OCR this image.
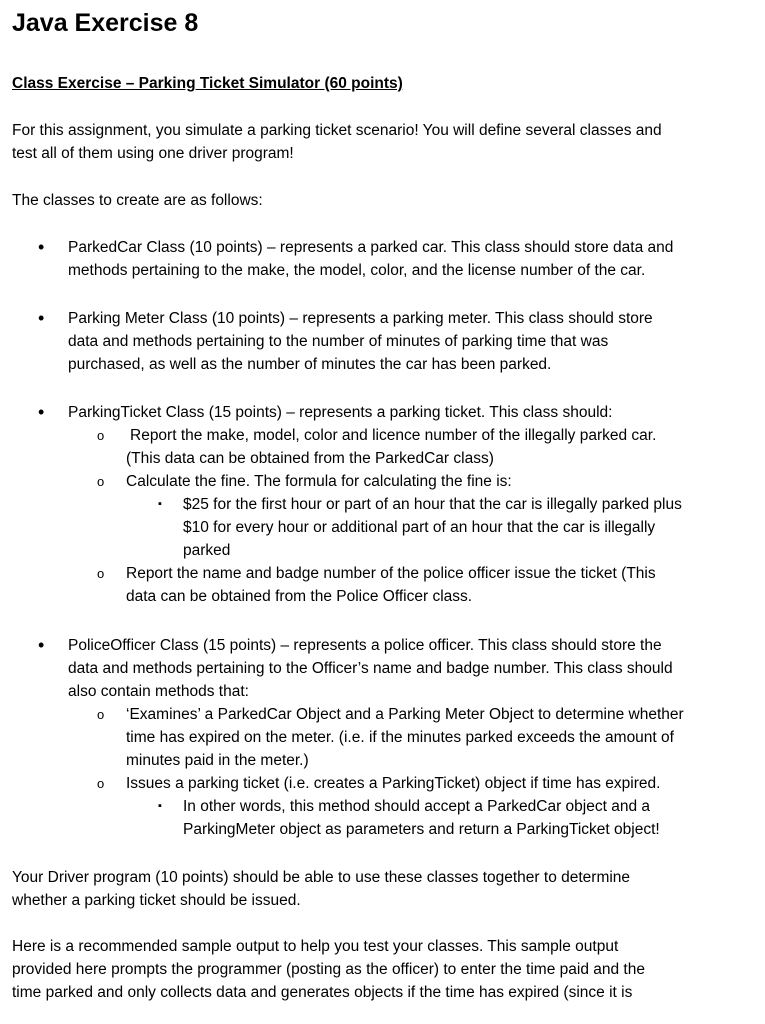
Java Exercise 8
Class Exercise – Parking Ticket Simulator (60 points)

For this assignment, you simulate a parking ticket scenario! You will define several classes and
test all of them using one driver program!

The classes to create are as follows:

• ParkedCar Class (10 points) – represents a parked car. This class should store data and
methods pertaining to the make, the model, color, and the license number of the car.
• Parking Meter Class (10 points) – represents a parking meter. This class should store
data and methods pertaining to the number of minutes of parking time that was
purchased, as well as the number of minutes the car has been parked.
• ParkingTicket Class (15 points) – represents a parking ticket. This class should:
o Report the make, model, color and licence number of the illegally parked car.
(This data can be obtained from the ParkedCar class)
o Calculate the fine. The formula for calculating the fine is:
▪ $25 for the first hour or part of an hour that the car is illegally parked plus
$10 for every hour or additional part of an hour that the car is illegally
parked
o Report the name and badge number of the police officer issue the ticket (This
data can be obtained from the Police Officer class.
• PoliceOfficer Class (15 points) – represents a police officer. This class should store the
data and methods pertaining to the Officer’s name and badge number. This class should
also contain methods that:
o ‘Examines’ a ParkedCar Object and a Parking Meter Object to determine whether
time has expired on the meter. (i.e. if the minutes parked exceeds the amount of
minutes paid in the meter.)
o Issues a parking ticket (i.e. creates a ParkingTicket) object if time has expired.
▪ In other words, this method should accept a ParkedCar object and a
ParkingMeter object as parameters and return a ParkingTicket object!

Your Driver program (10 points) should be able to use these classes together to determine
whether a parking ticket should be issued.

Here is a recommended sample output to help you test your classes. This sample output
provided here prompts the programmer (posting as the officer) to enter the time paid and the
time parked and only collects data and generates objects if the time has expired (since it is
